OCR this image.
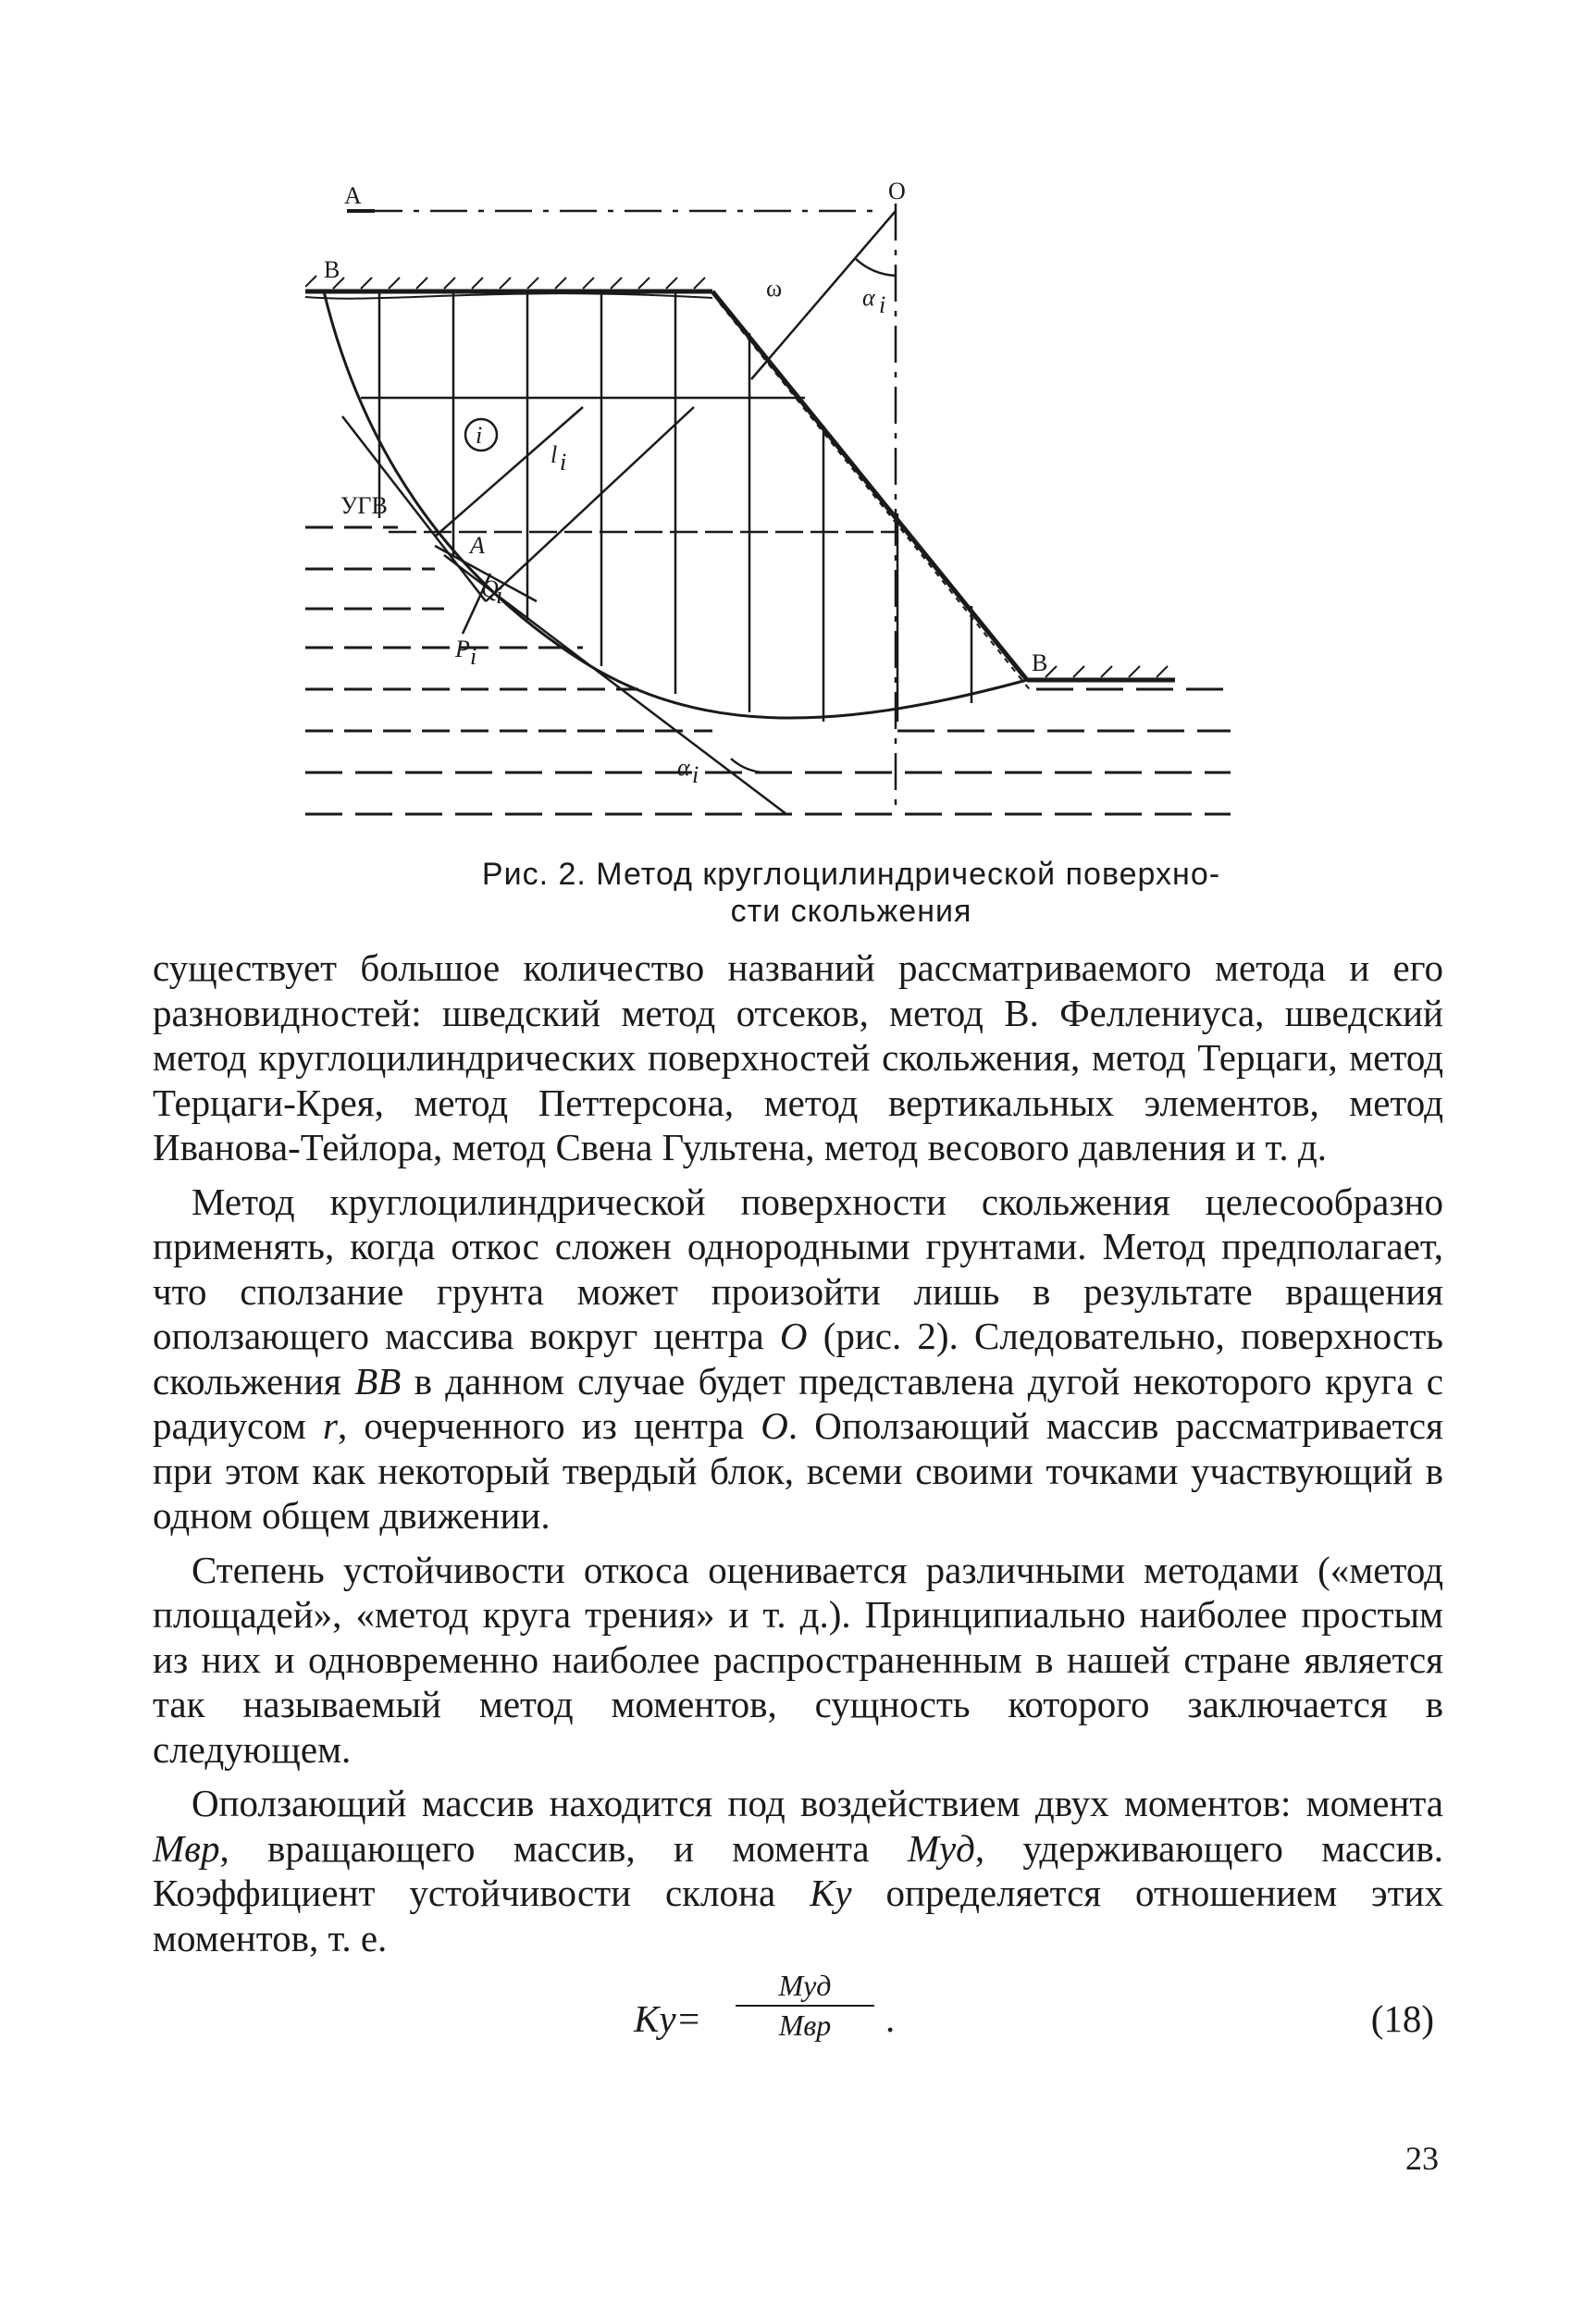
A	O
B
B
ω	α i
i
l i
УГВ
A
Q
i
P i
α i
Рис. 2. Метод круглоцилиндрической поверхно-
сти скольжения

существует большое количество названий рассматриваемого метода и его разновидностей: шведский метод отсеков, метод В. Феллениуса, шведский метод круглоцилиндрических поверхностей скольжения, метод Терцаги, метод Терцаги-Крея, метод Петтерсона, метод вертикальных элементов, метод Иванова-Тейлора, метод Свена Гультена, метод весового давления и т. д.

Метод круглоцилиндрической поверхности скольжения целесообразно применять, когда откос сложен однородными грунтами. Метод предполагает, что сползание грунта может произойти лишь в результате вращения оползающего массива вокруг центра O (рис. 2). Следовательно, поверхность скольжения BB в данном случае будет представлена дугой некоторого круга с радиусом r, очерченного из центра O. Оползающий массив рассматривается при этом как некоторый твердый блок, всеми своими точками участвующий в одном общем движении.

Степень устойчивости откоса оценивается различными методами («метод площадей», «метод круга трения» и т. д.). Принципиально наиболее простым из них и одновременно наиболее распространенным в нашей стране является так называемый метод моментов, сущность которого заключается в следующем.

Оползающий массив находится под воздействием двух моментов: момента Mвр, вращающего массив, и момента Mуд, удерживающего массив. Коэффициент устойчивости склона Kу определяется отношением этих моментов, т. е.

Kу=
Mуд
Mвр	.	(18)
23
